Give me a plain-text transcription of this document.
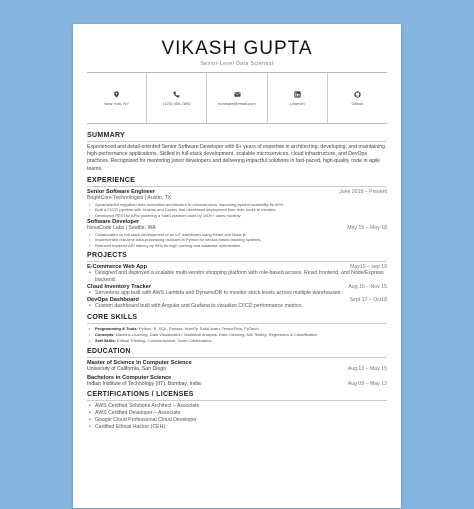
VIKASH GUPTA
Senior-Level Data Scientist
New York, NY	(123) 456-7890	example@email.com	LinkedIn	Github
SUMMARY
Experienced and detail-oriented Senior Software Developer with 8+ years of expertise in architecting, developing, and maintaining high-performance applications. Skilled in full-stack development, scalable microservices, cloud infrastructure, and DevOps practices. Recognized for mentoring junior developers and delivering impactful solutions in fast-paced, high-quality code in agile teams.
EXPERIENCE
Senior Software Engineer	June 2018 – Present
BrightCore Technologies | Austin, TX
• Spearheaded migration from monolithic architecture to microservices, improving system scalability by 60%.
• Built a CI/CD pipeline with Jenkins and Docker that decreased deployment time from hours to minutes.
• Developed RESTful APIs powering a SaaS platform used by 100K+ users monthly.
Software Developer
NovaCode Labs | Seattle, WA	May 15 – May 18
• Collaborated on full-stack development of an IoT dashboard using React and Node.js.
• Implemented real-time data-processing modules in Python for sensor-based tracking systems.
• Reduced backend API latency by 45% through caching and database optimization.
PROJECTS
E-Commerce Web App	May19 – sep 19
• Designed and deployed a scalable multi-vendor shopping platform with role-based access, React frontend, and Node/Express backend.
Cloud Inventory Tracker	Aug 15 – Nov 15
• Serverless app built with AWS Lambda and DynamoDB to monitor stock levels across multiple warehouses.
DevOps Dashboard	Sept 17 – Oct18
• Custom dashboard built with Angular and Grafana to visualize CI/CD performance metrics.
CORE SKILLS
• Programming & Tools: Python, R, SQL, Pandas, NumPy, Scikit-learn, TensorFlow, PyTorch
• Concepts: Machine Learning, Data Visualization, Statistical Analysis, Data Cleaning, A/B Testing, Regression & Classification
• Soft Skills: Critical Thinking, Communication, Team Collaboration
EDUCATION
Master of Science in Computer Science
University of California, San Diego	Aug 13 – May 15
Bachelors in Computer Science
Indian Institute of Technology (IIT), Bombay, India	Aug 09 – May 13
CERTIFICATIONS / LICENSES
• AWS Certified Solutions Architect – Associate
• AWS Certified Developer – Associate
• Google Cloud Professional Cloud Developer
• Certified Ethical Hacker (CEH)
